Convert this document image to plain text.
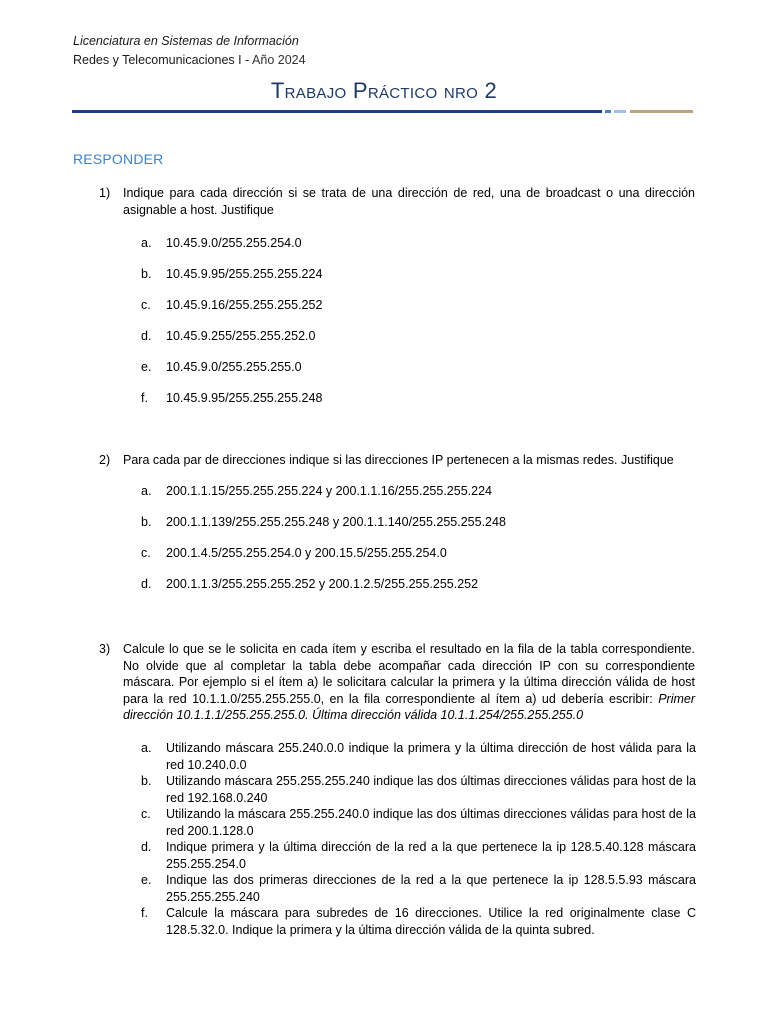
Licenciatura en Sistemas de Información
Redes y Telecomunicaciones I - Año 2024
Trabajo Práctico nro 2
RESPONDER
1) Indique para cada dirección si se trata de una dirección de red, una de broadcast o una dirección asignable a host. Justifique
a. 10.45.9.0/255.255.254.0
b. 10.45.9.95/255.255.255.224
c. 10.45.9.16/255.255.255.252
d. 10.45.9.255/255.255.252.0
e. 10.45.9.0/255.255.255.0
f. 10.45.9.95/255.255.255.248
2) Para cada par de direcciones indique si las direcciones IP pertenecen a la mismas redes. Justifique
a. 200.1.1.15/255.255.255.224 y 200.1.1.16/255.255.255.224
b. 200.1.1.139/255.255.255.248 y 200.1.1.140/255.255.255.248
c. 200.1.4.5/255.255.254.0 y 200.15.5/255.255.254.0
d. 200.1.1.3/255.255.255.252 y 200.1.2.5/255.255.255.252
3) Calcule lo que se le solicita en cada ítem y escriba el resultado en la fila de la tabla correspondiente. No olvide que al completar la tabla debe acompañar cada dirección IP con su correspondiente máscara. Por ejemplo si el ítem a) le solicitara calcular la primera y la última dirección válida de host para la red 10.1.1.0/255.255.255.0, en la fila correspondiente al ítem a) ud debería escribir: Primer dirección 10.1.1.1/255.255.255.0. Última dirección válida 10.1.1.254/255.255.255.0
a. Utilizando máscara 255.240.0.0 indique la primera y la última dirección de host válida para la red 10.240.0.0
b. Utilizando máscara 255.255.255.240 indique las dos últimas direcciones válidas para host de la red 192.168.0.240
c. Utilizando la máscara 255.255.240.0 indique las dos últimas direcciones válidas para host de la red 200.1.128.0
d. Indique primera y la última dirección de la red a la que pertenece la ip 128.5.40.128 máscara 255.255.254.0
e. Indique las dos primeras direcciones de la red a la que pertenece la ip 128.5.5.93 máscara 255.255.255.240
f. Calcule la máscara para subredes de 16 direcciones. Utilice la red originalmente clase C 128.5.32.0. Indique la primera y la última dirección válida de la quinta subred.
